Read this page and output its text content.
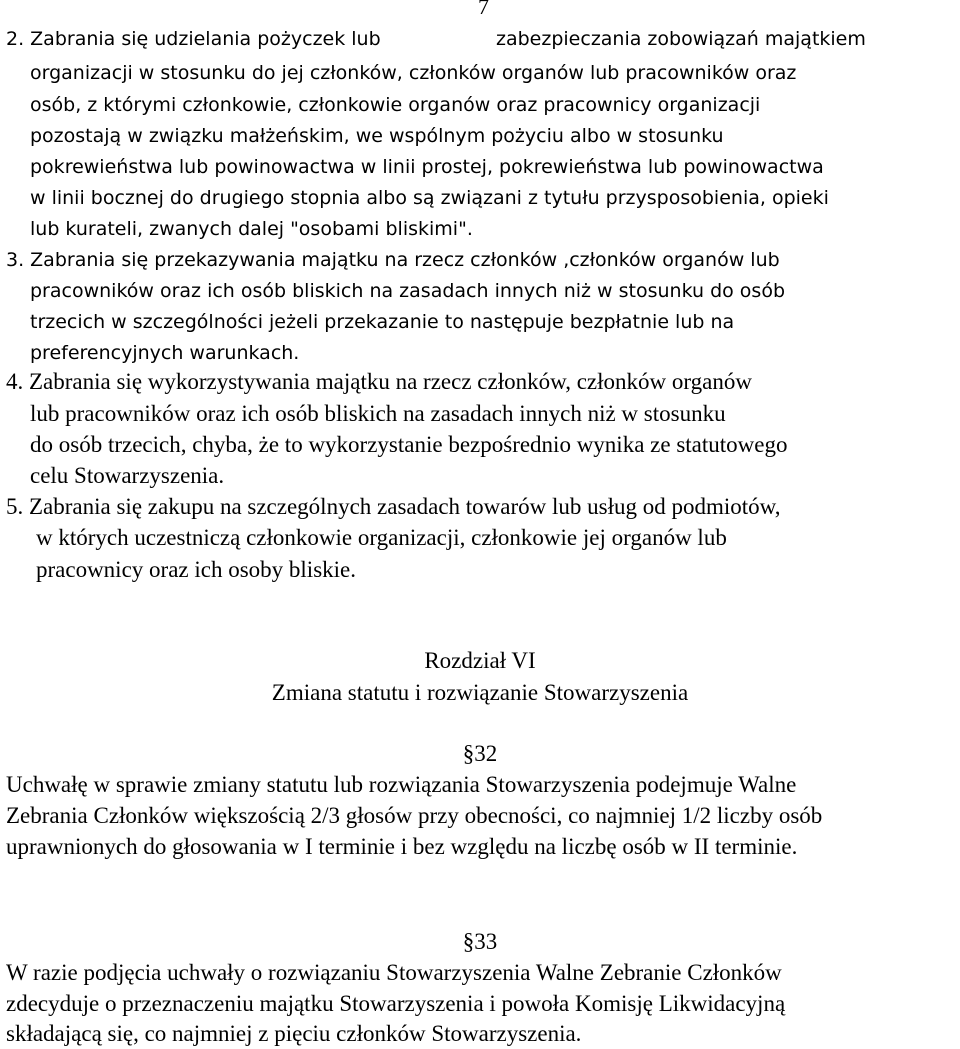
7
2. Zabrania się udzielania pożyczek lub	zabezpieczania zobowiązań majątkiem
organizacji w stosunku do jej członków, członków organów lub pracowników oraz
osób, z którymi członkowie, członkowie organów oraz pracownicy organizacji
pozostają w związku małżeńskim, we wspólnym pożyciu albo w stosunku
pokrewieństwa lub powinowactwa w linii prostej, pokrewieństwa lub powinowactwa
w linii bocznej do drugiego stopnia albo są związani z tytułu przysposobienia, opieki
lub kurateli, zwanych dalej "osobami bliskimi".
3. Zabrania się przekazywania majątku na rzecz członków ,członków organów lub
pracowników oraz ich osób bliskich na zasadach innych niż w stosunku do osób
trzecich w szczególności jeżeli przekazanie to następuje bezpłatnie lub na
preferencyjnych warunkach.
4. Zabrania się wykorzystywania majątku na rzecz członków, członków organów
lub pracowników oraz ich osób bliskich na zasadach innych niż w stosunku
do osób trzecich, chyba, że to wykorzystanie bezpośrednio wynika ze statutowego
celu Stowarzyszenia.
5. Zabrania się zakupu na szczególnych zasadach towarów lub usług od podmiotów,
w których uczestniczą członkowie organizacji, członkowie jej organów lub
pracownicy oraz ich osoby bliskie.
Rozdział VI
Zmiana statutu i rozwiązanie Stowarzyszenia
§32
Uchwałę w sprawie zmiany statutu lub rozwiązania Stowarzyszenia podejmuje Walne
Zebrania Członków większością 2/3 głosów przy obecności, co najmniej 1/2 liczby osób
uprawnionych do głosowania w I terminie i bez względu na liczbę osób w II terminie.
§33
W razie podjęcia uchwały o rozwiązaniu Stowarzyszenia Walne Zebranie Członków
zdecyduje o przeznaczeniu majątku Stowarzyszenia i powoła Komisję Likwidacyjną
składającą się, co najmniej z pięciu członków Stowarzyszenia.
